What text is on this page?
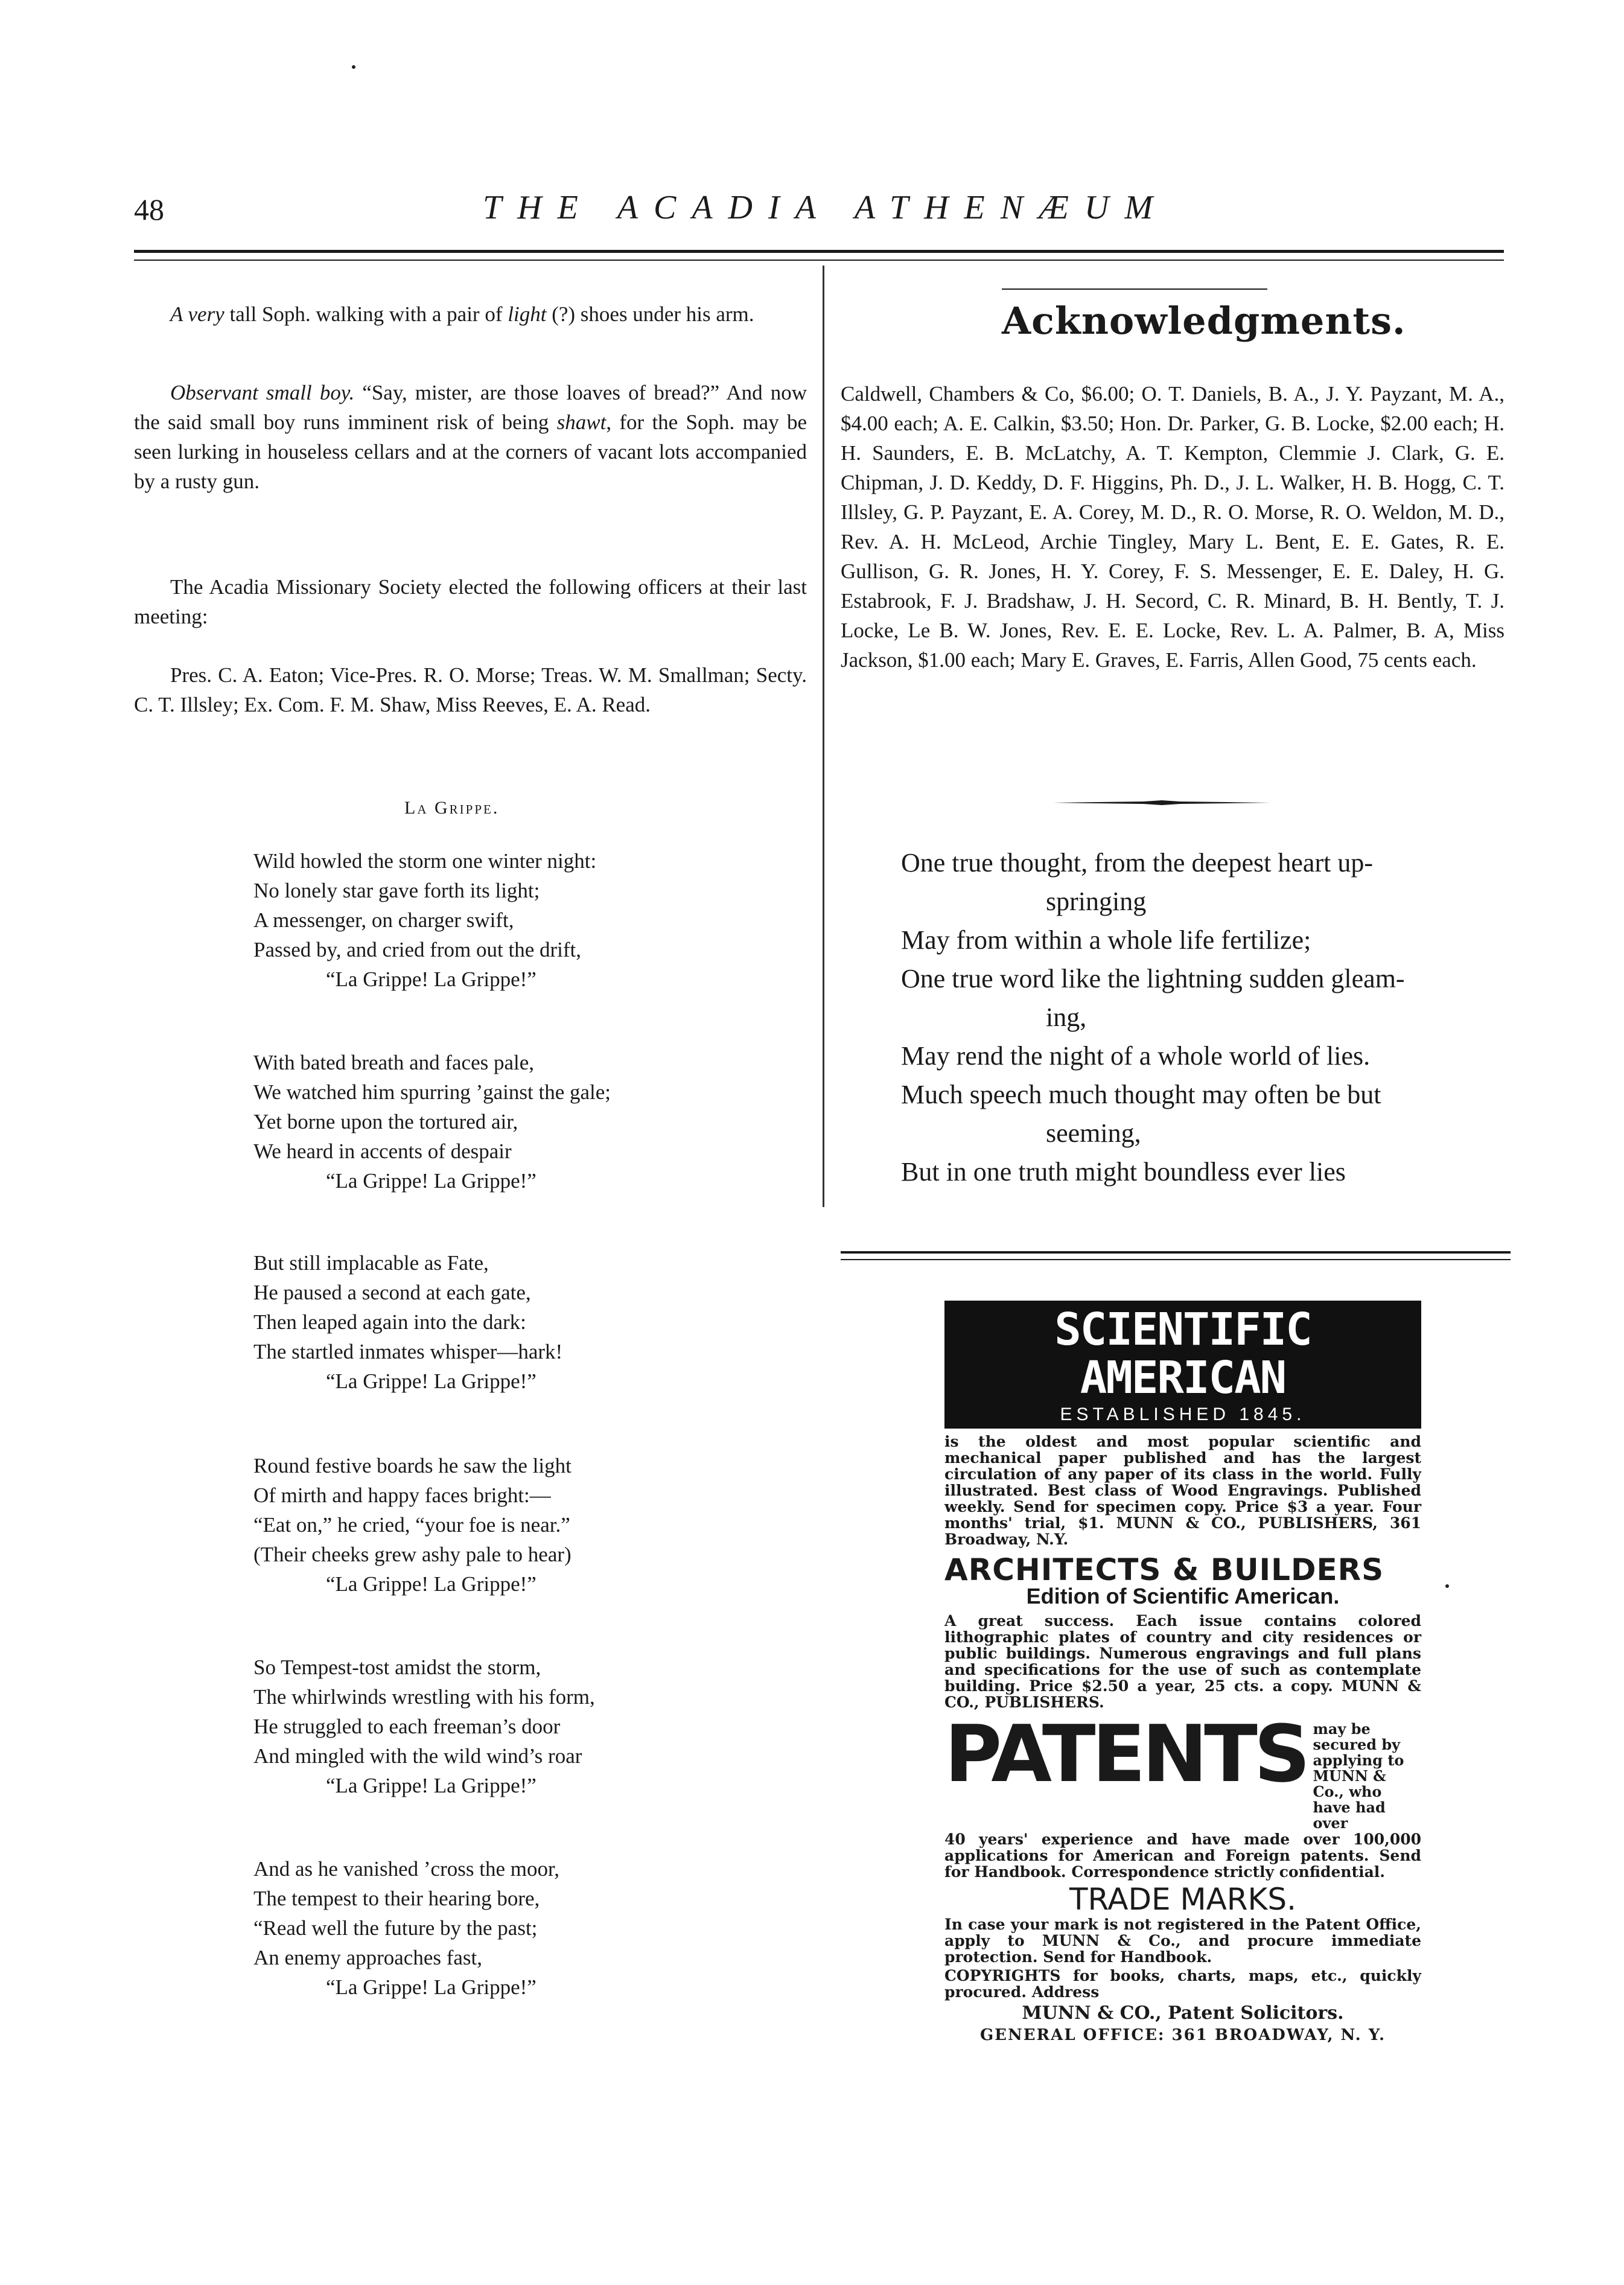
48	THE ACADIA ATHENÆUM

A very tall Soph. walking with a pair of light (?) shoes under his arm.

Observant small boy. “Say, mister, are those loaves of bread?” And now the said small boy runs imminent risk of being shawt, for the Soph. may be seen lurking in houseless cellars and at the corners of vacant lots accompanied by a rusty gun.

The Acadia Missionary Society elected the following officers at their last meeting:

Pres. C. A. Eaton; Vice-Pres. R. O. Morse; Treas. W. M. Smallman; Secty. C. T. Illsley; Ex. Com. F. M. Shaw, Miss Reeves, E. A. Read.

La Grippe.
Wild howled the storm one winter night:
No lonely star gave forth its light;
A messenger, on charger swift,
Passed by, and cried from out the drift,
“La Grippe! La Grippe!”
With bated breath and faces pale,
We watched him spurring ’gainst the gale;
Yet borne upon the tortured air,
We heard in accents of despair
“La Grippe! La Grippe!”
But still implacable as Fate,
He paused a second at each gate,
Then leaped again into the dark:
The startled inmates whisper—hark!
“La Grippe! La Grippe!”
Round festive boards he saw the light
Of mirth and happy faces bright:—
“Eat on,” he cried, “your foe is near.”
(Their cheeks grew ashy pale to hear)
“La Grippe! La Grippe!”
So Tempest-tost amidst the storm,
The whirlwinds wrestling with his form,
He struggled to each freeman’s door
And mingled with the wild wind’s roar
“La Grippe! La Grippe!”
And as he vanished ’cross the moor,
The tempest to their hearing bore,
“Read well the future by the past;
An enemy approaches fast,
“La Grippe! La Grippe!”
Acknowledgments.
Caldwell, Chambers & Co, $6.00; O. T. Daniels, B. A., J. Y. Payzant, M. A., $4.00 each; A. E. Calkin, $3.50; Hon. Dr. Parker, G. B. Locke, $2.00 each; H. H. Saunders, E. B. McLatchy, A. T. Kempton, Clemmie J. Clark, G. E. Chipman, J. D. Keddy, D. F. Higgins, Ph. D., J. L. Walker, H. B. Hogg, C. T. Illsley, G. P. Payzant, E. A. Corey, M. D., R. O. Morse, R. O. Weldon, M. D., Rev. A. H. McLeod, Archie Tingley, Mary L. Bent, E. E. Gates, R. E. Gullison, G. R. Jones, H. Y. Corey, F. S. Messenger, E. E. Daley, H. G. Estabrook, F. J. Bradshaw, J. H. Secord, C. R. Minard, B. H. Bently, T. J. Locke, Le B. W. Jones, Rev. E. E. Locke, Rev. L. A. Palmer, B. A, Miss Jackson, $1.00 each; Mary E. Graves, E. Farris, Allen Good, 75 cents each.
One true thought, from the deepest heart up-
springing
May from within a whole life fertilize;
One true word like the lightning sudden gleam-
ing,
May rend the night of a whole world of lies.
Much speech much thought may often be but
seeming,
But in one truth might boundless ever lies
SCIENTIFIC AMERICAN
ESTABLISHED 1845.
is the oldest and most popular scientific and mechanical paper published and has the largest circulation of any paper of its class in the world. Fully illustrated. Best class of Wood Engravings. Published weekly. Send for specimen copy. Price $3 a year. Four months' trial, $1. MUNN & CO., PUBLISHERS, 361 Broadway, N.Y.
ARCHITECTS & BUILDERS
Edition of Scientific American.
A great success. Each issue contains colored lithographic plates of country and city residences or public buildings. Numerous engravings and full plans and specifications for the use of such as contemplate building. Price $2.50 a year, 25 cts. a copy. MUNN & CO., PUBLISHERS.
PATENTS may be secured by applying to MUNN & Co., who have had over
40 years' experience and have made over 100,000 applications for American and Foreign patents. Send for Handbook. Correspondence strictly confidential.
TRADE MARKS.
In case your mark is not registered in the Patent Office, apply to MUNN & Co., and procure immediate protection. Send for Handbook.
COPYRIGHTS for books, charts, maps, etc., quickly procured. Address
MUNN & CO., Patent Solicitors.
GENERAL OFFICE: 361 BROADWAY, N. Y.
